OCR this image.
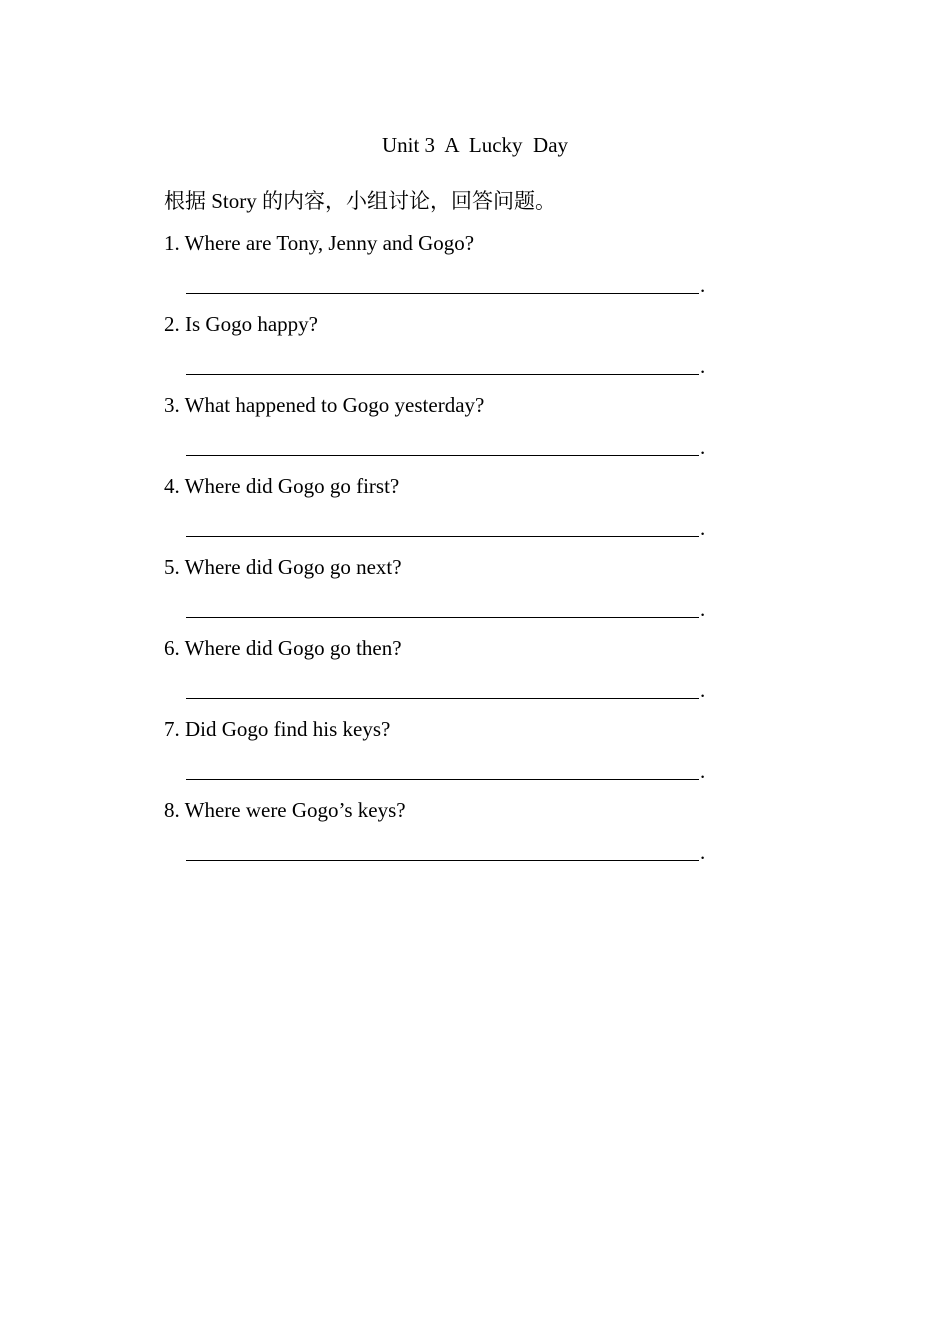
Unit 3  A  Lucky  Day
根据 Story 的内容，小组讨论，回答问题。
1. Where are Tony, Jenny and Gogo?
.
2. Is Gogo happy?
.
3. What happened to Gogo yesterday?
.
4. Where did Gogo go first?
.
5. Where did Gogo go next?
.
6. Where did Gogo go then?
.
7. Did Gogo find his keys?
.
8. Where were Gogo’s keys?
.
